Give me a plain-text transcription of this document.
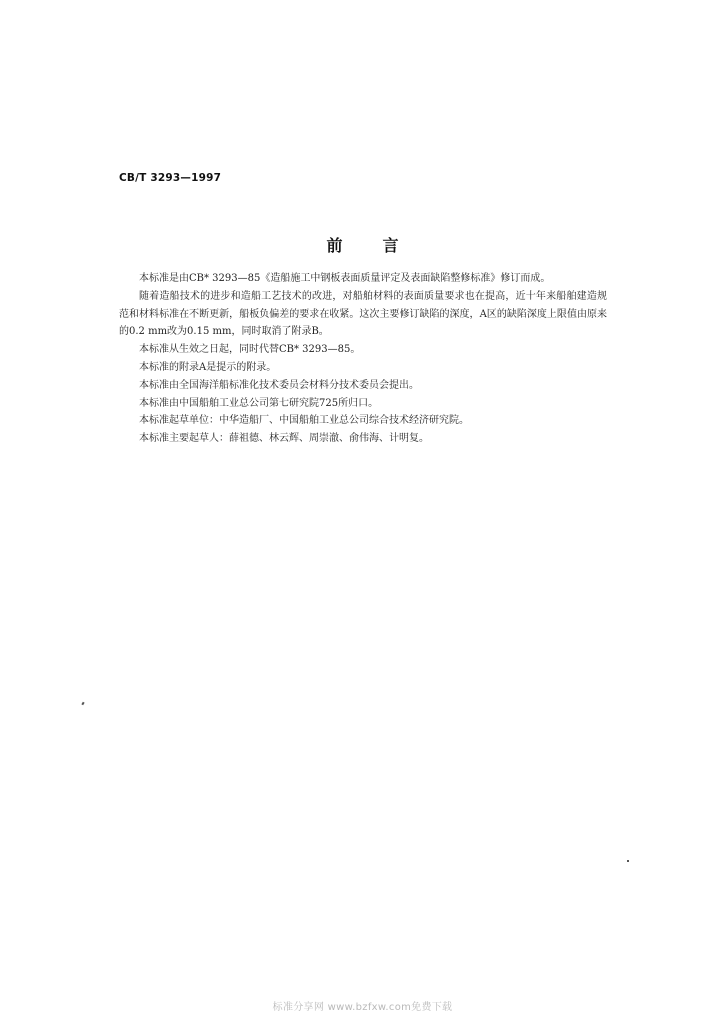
CB/T 3293—1997

前言

本标准是由CB* 3293—85《造船施工中钢板表面质量评定及表面缺陷整修标准》修订而成。

随着造船技术的进步和造船工艺技术的改进，对船舶材料的表面质量要求也在提高，近十年来船舶建造规范和材料标准在不断更新，船板负偏差的要求在收紧。这次主要修订缺陷的深度，A区的缺陷深度上限值由原来的0.2 mm改为0.15 mm，同时取消了附录B。

本标准从生效之日起，同时代替CB* 3293—85。

本标准的附录A是提示的附录。

本标准由全国海洋船标准化技术委员会材料分技术委员会提出。

本标准由中国船舶工业总公司第七研究院725所归口。

本标准起草单位：中华造船厂、中国船舶工业总公司综合技术经济研究院。

本标准主要起草人：薛祖德、林云辉、周崇澈、俞伟海、计明复。

标准分享网 www.bzfxw.com免费下载
